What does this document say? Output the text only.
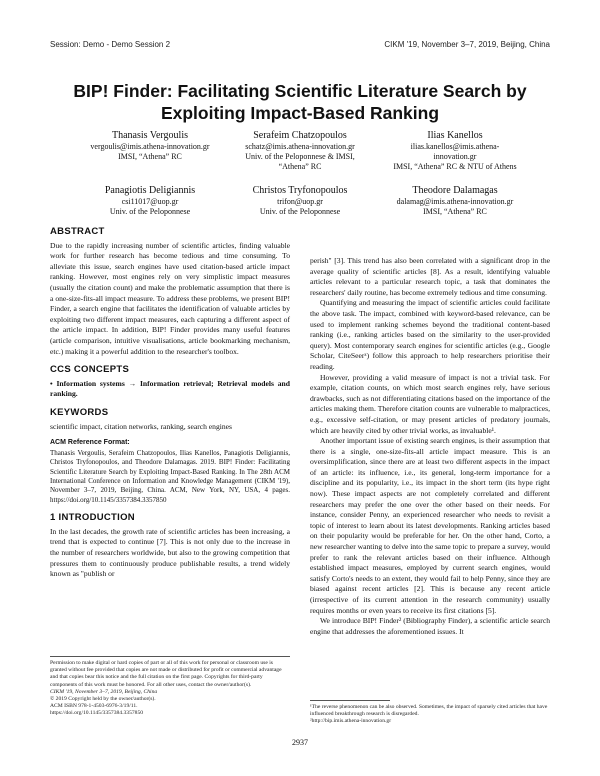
Session: Demo - Demo Session 2	CIKM '19, November 3–7, 2019, Beijing, China
BIP! Finder: Facilitating Scientific Literature Search by
Exploiting Impact-Based Ranking
Thanasis Vergoulis
vergoulis@imis.athena-innovation.gr
IMSI, “Athena” RC
Serafeim Chatzopoulos
schatz@imis.athena-innovation.gr
Univ. of the Peloponnese & IMSI,
“Athena” RC
Ilias Kanellos
ilias.kanellos@imis.athena-
innovation.gr
IMSI, “Athena” RC & NTU of Athens
Panagiotis Deligiannis
csi11017@uop.gr
Univ. of the Peloponnese
Christos Tryfonopoulos
trifon@uop.gr
Univ. of the Peloponnese
Theodore Dalamagas
dalamag@imis.athena-innovation.gr
IMSI, “Athena” RC
ABSTRACT

Due to the rapidly increasing number of scientific articles, finding valuable work for further research has become tedious and time consuming. To alleviate this issue, search engines have used citation-based article impact ranking. However, most engines rely on very simplistic impact measures (usually the citation count) and make the problematic assumption that there is a one-size-fits-all impact measure. To address these problems, we present BIP! Finder, a search engine that facilitates the identification of valuable articles by exploiting two different impact measures, each capturing a different aspect of the article impact. In addition, BIP! Finder provides many useful features (article comparison, intuitive visualisations, article bookmarking mechanism, etc.) making it a powerful addition to the researcher's toolbox.

CCS CONCEPTS

• Information systems → Information retrieval; Retrieval models and ranking.

KEYWORDS

scientific impact, citation networks, ranking, search engines

ACM Reference Format:

Thanasis Vergoulis, Serafeim Chatzopoulos, Ilias Kanellos, Panagiotis Deligiannis, Christos Tryfonopoulos, and Theodore Dalamagas. 2019. BIP! Finder: Facilitating Scientific Literature Search by Exploiting Impact-Based Ranking. In The 28th ACM International Conference on Information and Knowledge Management (CIKM '19), November 3–7, 2019, Beijing, China. ACM, New York, NY, USA, 4 pages. https://doi.org/10.1145/3357384.3357850

1 INTRODUCTION

In the last decades, the growth rate of scientific articles has been increasing, a trend that is expected to continue [7]. This is not only due to the increase in the number of researchers worldwide, but also to the growing competition that pressures them to continuously produce publishable results, a trend widely known as "publish or

Permission to make digital or hard copies of part or all of this work for personal or classroom use is granted without fee provided that copies are not made or distributed for profit or commercial advantage and that copies bear this notice and the full citation on the first page. Copyrights for third-party components of this work must be honored. For all other uses, contact the owner/author(s).
CIKM '19, November 3–7, 2019, Beijing, China
© 2019 Copyright held by the owner/author(s).
ACM ISBN 978-1-4503-6976-3/19/11.
https://doi.org/10.1145/3357384.3357850

perish" [3]. This trend has also been correlated with a significant drop in the average quality of scientific articles [8]. As a result, identifying valuable articles relevant to a particular research topic, a task that dominates the researchers' daily routine, has become extremely tedious and time consuming.

Quantifying and measuring the impact of scientific articles could facilitate the above task. The impact, combined with keyword-based relevance, can be used to implement ranking schemes beyond the traditional content-based ranking (i.e., ranking articles based on the similarity to the user-provided query). Most contemporary search engines for scientific articles (e.g., Google Scholar, CiteSeerˣ) follow this approach to help researchers prioritise their reading.

However, providing a valid measure of impact is not a trivial task. For example, citation counts, on which most search engines rely, have serious drawbacks, such as not differentiating citations based on the importance of the articles making them. Therefore citation counts are vulnerable to malpractices, e.g., excessive self-citation, or may present articles of predatory journals, which are heavily cited by other trivial works, as invaluable¹.

Another important issue of existing search engines, is their assumption that there is a single, one-size-fits-all article impact measure. This is an oversimplification, since there are at least two different aspects in the impact of an article: its influence, i.e., its general, long-term importance for a discipline and its popularity, i.e., its impact in the short term (its hype right now). These impact aspects are not completely correlated and different researchers may prefer the one over the other based on their needs. For instance, consider Penny, an experienced researcher who needs to revisit a topic of interest to learn about its latest developments. Ranking articles based on their popularity would be preferable for her. On the other hand, Corto, a new researcher wanting to delve into the same topic to prepare a survey, would prefer to rank the relevant articles based on their influence. Although established impact measures, employed by current search engines, would satisfy Corto's needs to an extent, they would fail to help Penny, since they are biased against recent articles [2]. This is because any recent article (irrespective of its current attention in the research community) usually requires months or even years to receive its first citations [5].

We introduce BIP! Finder² (Bibliography Finder), a scientific article search engine that addresses the aforementioned issues. It

¹The reverse phenomenon can be also observed. Sometimes, the impact of sparsely cited articles that have influenced breakthrough research is disregarded.
²http://bip.imis.athena-innovation.gr
2937
